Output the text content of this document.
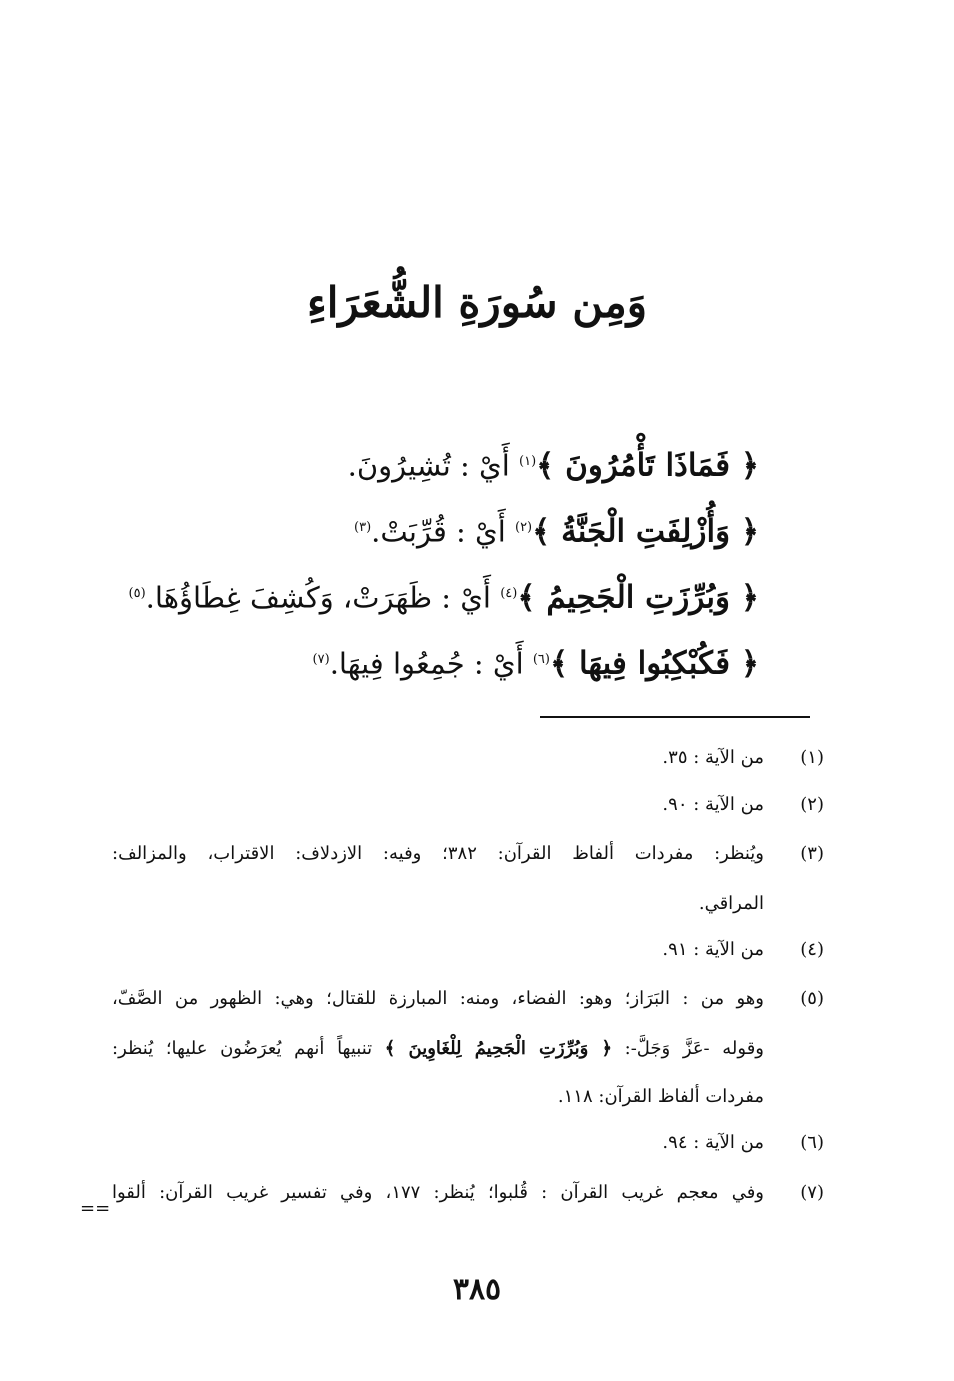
وَمِن سُورَةِ الشُّعَرَاءِ
﴿ فَمَاذَا تَأْمُرُونَ ﴾$^{(١)}$ أَيْ : تُشِيرُونَ.
﴿ وَأُزْلِفَتِ الْجَنَّةُ ﴾$^{(٢)}$ أَيْ : قُرِّبَتْ.$^{(٣)}$
﴿ وَبُرِّزَتِ الْجَحِيمُ ﴾$^{(٤)}$ أَيْ : ظَهَرَتْ، وَكُشِفَ غِطَاؤُهَا.$^{(٥)}$
﴿ فَكُبْكِبُوا فِيهَا ﴾$^{(٦)}$ أَيْ : جُمِعُوا فِيهَا.$^{(٧)}$
(١)
من الآية : ٣٥.
(٢)
من الآية : ٩٠.
(٣)
ويُنظر: مفردات ألفاظ القرآن: ٣٨٢؛ وفيه: الازدلاف: الاقتراب، والمزالف:
المراقي.
(٤)
من الآية : ٩١.
(٥)
وهو من : البَرَاز؛ وهو: الفضاء، ومنه: المبارزة للقتال؛ وهي: الظهور من الصَّفّ،
وقوله -عَزَّ وَجَلَّ-: ﴿ وَبُرِّزَتِ الْجَحِيمُ لِلْغَاوِينَ ﴾ تنبيهاً أنهم يُعرَضُون عليها؛ يُنظر:
مفردات ألفاظ القرآن: ١١٨.
(٦)
من الآية : ٩٤.
(٧)
وفي معجم غريب القرآن : قُلبوا؛ يُنظر: ١٧٧، وفي تفسير غريب القرآن: ألقوا
==
٣٨٥
